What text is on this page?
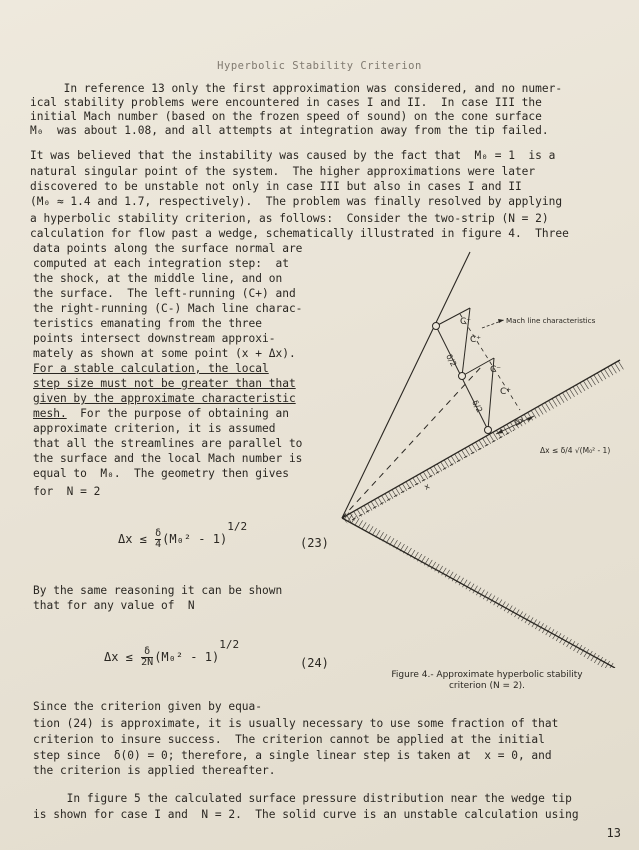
Hyperbolic Stability Criterion
In reference 13 only the first approximation was considered, and no numer-
ical stability problems were encountered in cases I and II.  In case III the
initial Mach number (based on the frozen speed of sound) on the cone surface
M₀  was about 1.08, and all attempts at integration away from the tip failed.
It was believed that the instability was caused by the fact that  M₀ = 1  is a
natural singular point of the system.  The higher approximations were later
discovered to be unstable not only in case III but also in cases I and II
(M₀ ≈ 1.4 and 1.7, respectively).  The problem was finally resolved by applying
a hyperbolic stability criterion, as follows:  Consider the two-strip (N = 2)
calculation for flow past a wedge, schematically illustrated in figure 4.  Three
data points along the surface normal are
computed at each integration step:  at
the shock, at the middle line, and on
the surface.  The left-running (C+) and
the right-running (C-) Mach line charac-
teristics emanating from the three
points intersect downstream approxi-
mately as shown at some point (x + Δx).
For a stable calculation, the local
step size must not be greater than that
given by the approximate characteristic
mesh.  For the purpose of obtaining an
approximate criterion, it is assumed
that all the streamlines are parallel to
the surface and the local Mach number is
equal to  M₀.  The geometry then gives
for  N = 2
$\Delta x \le \frac{\delta}{4} (M_0^2 - 1)^{1/2}$
(23)
By the same reasoning it can be shown
that for any value of  N
$\Delta x \le \frac{\delta}{2N} (M_0^2 - 1)^{1/2}$
(24)
Since the criterion given by equa-
tion (24) is approximate, it is usually necessary to use some fraction of that
criterion to insure success.  The criterion cannot be applied at the initial
step since  δ(0) = 0; therefore, a single linear step is taken at  x = 0, and
the criterion is applied thereafter.
In figure 5 the calculated surface pressure distribution near the wedge tip
is shown for case I and  N = 2.  The solid curve is an unstable calculation using
C⁻
C⁺
C⁻
C⁺
δ/2
δ/2
Δx
x
Mach line characteristics
Δx ≤ δ/4 √(M₀² - 1)
Figure 4.- Approximate hyperbolic stability
criterion (N = 2).
13
